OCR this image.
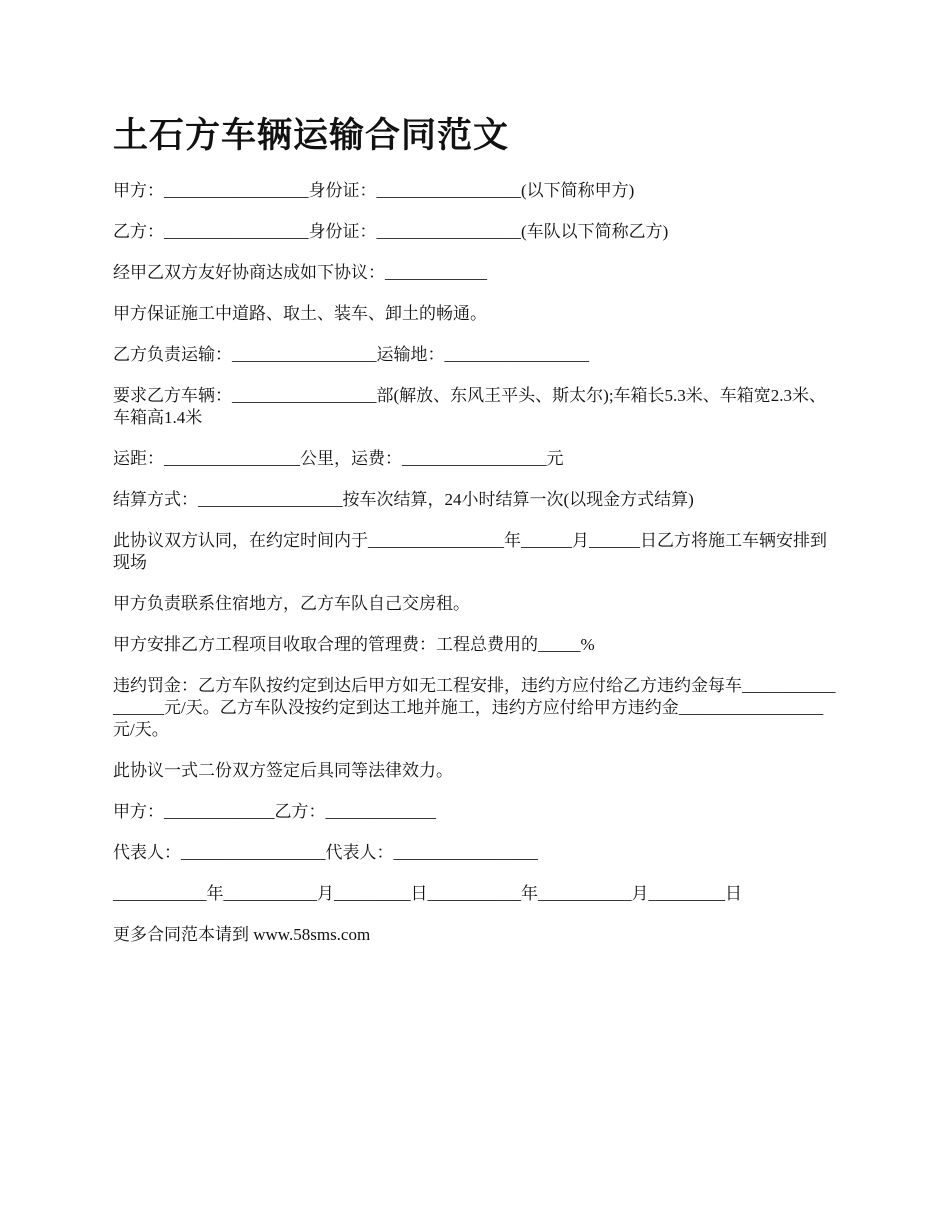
土石方车辆运输合同范文

甲方：_________________身份证：_________________(以下简称甲方)

乙方：_________________身份证：_________________(车队以下简称乙方)

经甲乙双方友好协商达成如下协议：____________

甲方保证施工中道路、取土、装车、卸土的畅通。

乙方负责运输：_________________运输地：_________________

要求乙方车辆：_________________部(解放、东风王平头、斯太尔);车箱长5.3米、车箱宽2.3米、车箱高1.4米

运距：________________公里，运费：_________________元

结算方式：_________________按车次结算，24小时结算一次(以现金方式结算)

此协议双方认同，在约定时间内于________________年______月______日乙方将施工车辆安排到现场

甲方负责联系住宿地方，乙方车队自己交房租。

甲方安排乙方工程项目收取合理的管理费：工程总费用的_____%

违约罚金：乙方车队按约定到达后甲方如无工程安排，违约方应付给乙方违约金每车_________________元/天。乙方车队没按约定到达工地并施工，违约方应付给甲方违约金_________________元/天。

此协议一式二份双方签定后具同等法律效力。

甲方：_____________乙方：_____________

代表人：_________________代表人：_________________

___________年___________月_________日___________年___________月_________日

更多合同范本请到 www.58sms.com
